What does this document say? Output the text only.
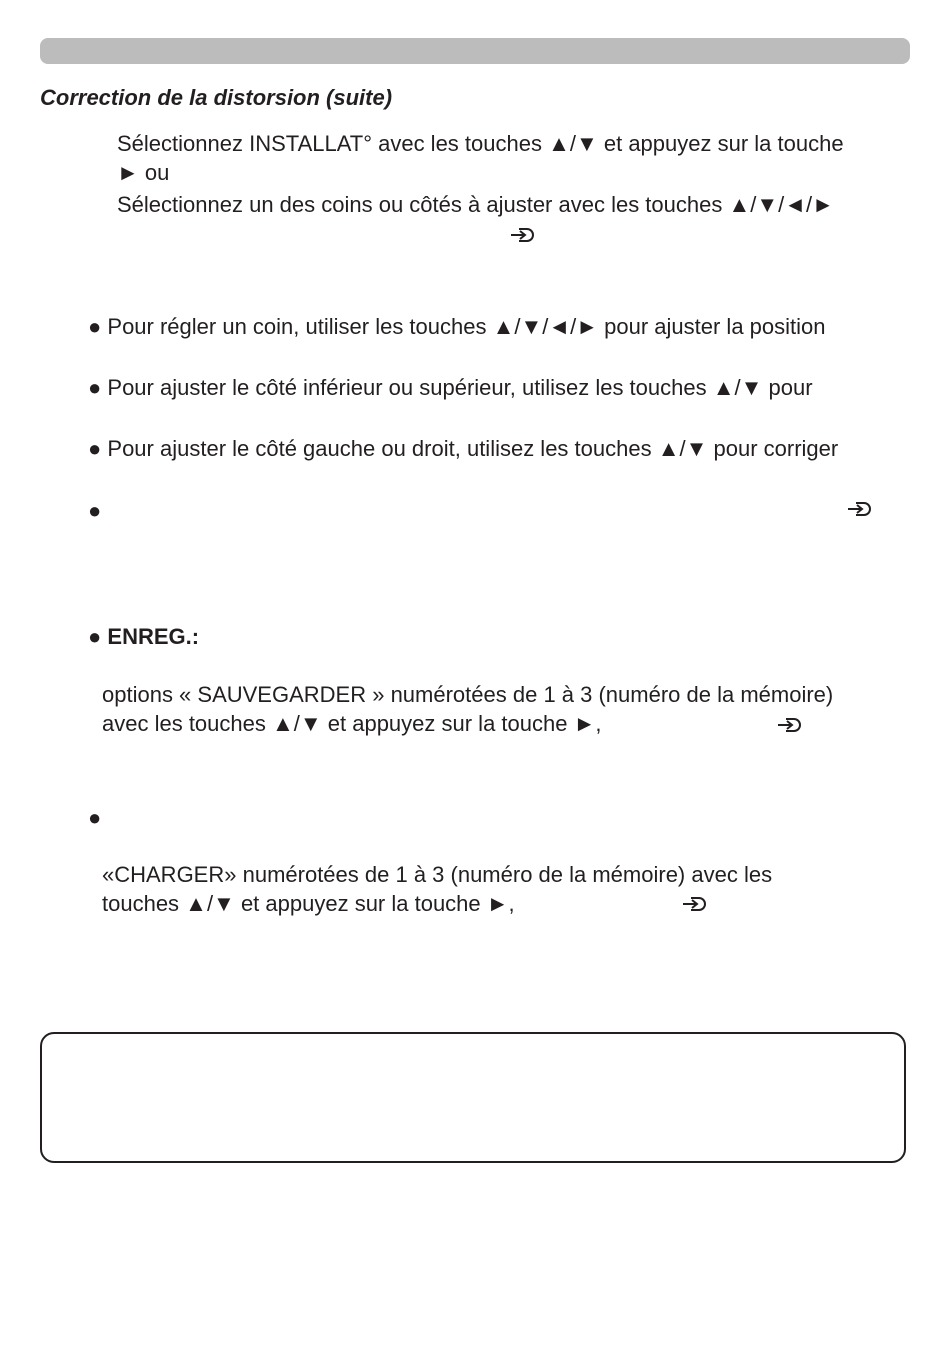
Correction de la distorsion (suite)
Sélectionnez INSTALLAT° avec les touches ▲/▼ et appuyez sur la touche
► ou
Sélectionnez un des coins ou côtés à ajuster avec les touches ▲/▼/◄/►
● Pour régler un coin, utiliser les touches ▲/▼/◄/► pour ajuster la position
● Pour ajuster le côté inférieur ou supérieur, utilisez les touches ▲/▼ pour
● Pour ajuster le côté gauche ou droit, utilisez les touches ▲/▼ pour corriger
●
● ENREG.:
options « SAUVEGARDER » numérotées de 1 à 3 (numéro de la mémoire)
avec les touches ▲/▼ et appuyez sur la touche ►,
●
«CHARGER» numérotées de 1 à 3 (numéro de la mémoire) avec les
touches ▲/▼ et appuyez sur la touche ►,
